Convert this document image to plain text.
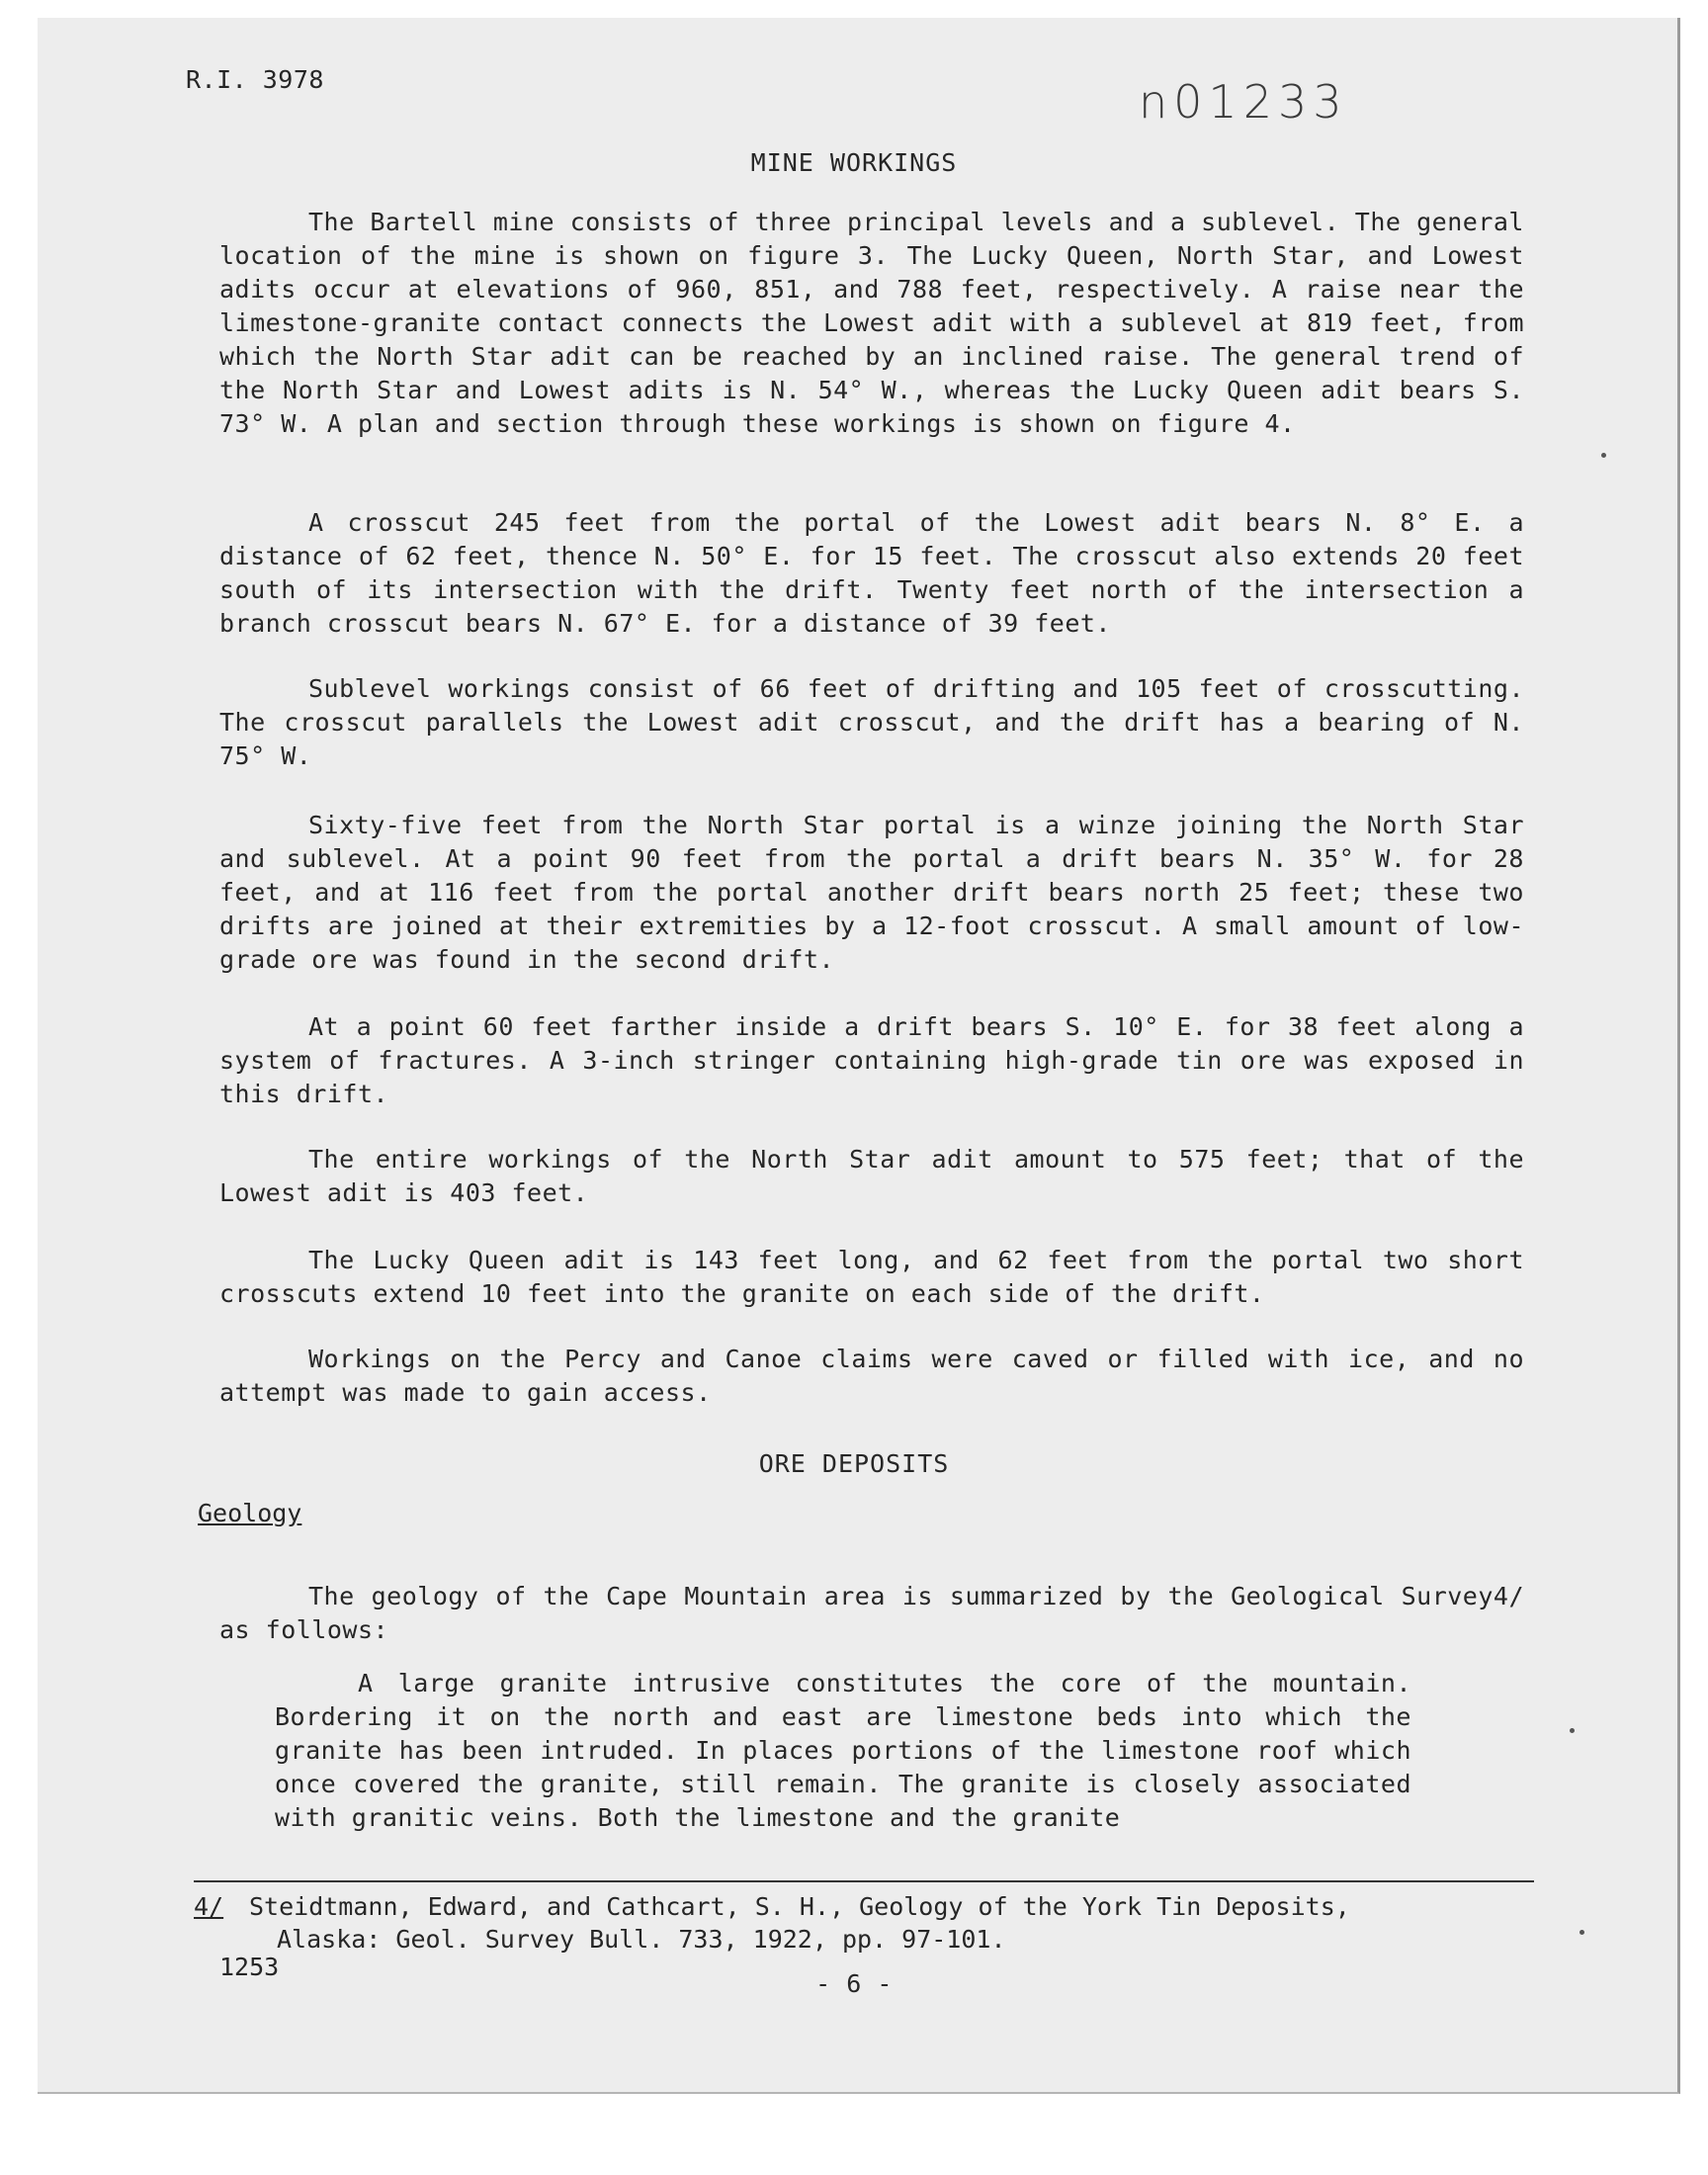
R.I. 3978	n01233
MINE WORKINGS

The Bartell mine consists of three principal levels and a sublevel. The general location of the mine is shown on figure 3. The Lucky Queen, North Star, and Lowest adits occur at elevations of 960, 851, and 788 feet, respectively. A raise near the limestone-granite contact connects the Lowest adit with a sublevel at 819 feet, from which the North Star adit can be reached by an inclined raise. The general trend of the North Star and Lowest adits is N. 54° W., whereas the Lucky Queen adit bears S. 73° W. A plan and section through these workings is shown on figure 4.

A crosscut 245 feet from the portal of the Lowest adit bears N. 8° E. a distance of 62 feet, thence N. 50° E. for 15 feet. The crosscut also extends 20 feet south of its intersection with the drift. Twenty feet north of the intersection a branch crosscut bears N. 67° E. for a distance of 39 feet.

Sublevel workings consist of 66 feet of drifting and 105 feet of crosscutting. The crosscut parallels the Lowest adit crosscut, and the drift has a bearing of N. 75° W.

Sixty-five feet from the North Star portal is a winze joining the North Star and sublevel. At a point 90 feet from the portal a drift bears N. 35° W. for 28 feet, and at 116 feet from the portal another drift bears north 25 feet; these two drifts are joined at their extremities by a 12-foot crosscut. A small amount of low-grade ore was found in the second drift.

At a point 60 feet farther inside a drift bears S. 10° E. for 38 feet along a system of fractures. A 3-inch stringer containing high-grade tin ore was exposed in this drift.

The entire workings of the North Star adit amount to 575 feet; that of the Lowest adit is 403 feet.

The Lucky Queen adit is 143 feet long, and 62 feet from the portal two short crosscuts extend 10 feet into the granite on each side of the drift.

Workings on the Percy and Canoe claims were caved or filled with ice, and no attempt was made to gain access.

ORE DEPOSITS
Geology

The geology of the Cape Mountain area is summarized by the Geological Survey4/ as follows:

A large granite intrusive constitutes the core of the mountain. Bordering it on the north and east are limestone beds into which the granite has been intruded. In places portions of the limestone roof which once covered the granite, still remain. The granite is closely associated with granitic veins. Both the limestone and the granite

4/ Steidtmann, Edward, and Cathcart, S. H., Geology of the York Tin Deposits,
Alaska: Geol. Survey Bull. 733, 1922, pp. 97-101.
1253
- 6 -
